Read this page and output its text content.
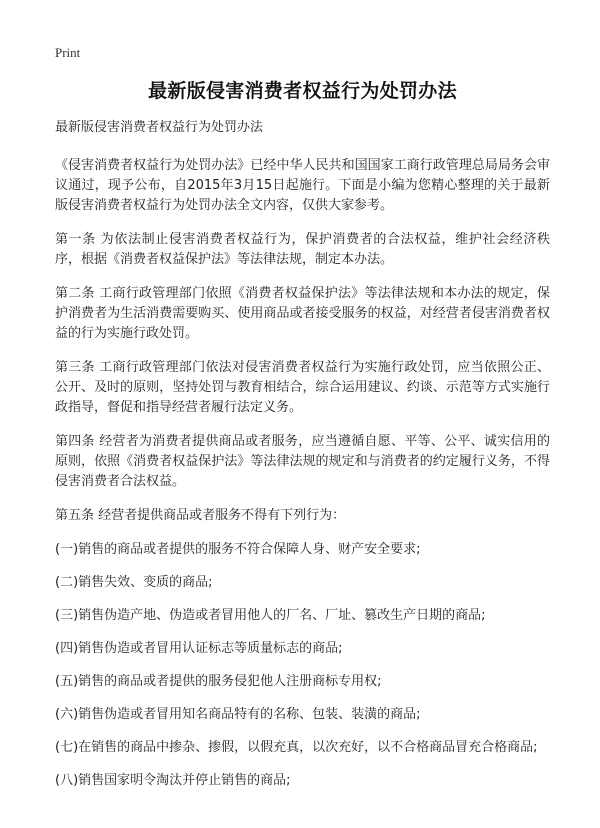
Print
最新版侵害消费者权益行为处罚办法

最新版侵害消费者权益行为处罚办法

《侵害消费者权益行为处罚办法》已经中华人民共和国国家工商行政管理总局局务会审议通过，现予公布，自2015年3月15日起施行。下面是小编为您精心整理的关于最新版侵害消费者权益行为处罚办法全文内容，仅供大家参考。

第一条 为依法制止侵害消费者权益行为，保护消费者的合法权益，维护社会经济秩序，根据《消费者权益保护法》等法律法规，制定本办法。

第二条 工商行政管理部门依照《消费者权益保护法》等法律法规和本办法的规定，保护消费者为生活消费需要购买、使用商品或者接受服务的权益，对经营者侵害消费者权益的行为实施行政处罚。

第三条 工商行政管理部门依法对侵害消费者权益行为实施行政处罚，应当依照公正、公开、及时的原则，坚持处罚与教育相结合，综合运用建议、约谈、示范等方式实施行政指导，督促和指导经营者履行法定义务。

第四条 经营者为消费者提供商品或者服务，应当遵循自愿、平等、公平、诚实信用的原则，依照《消费者权益保护法》等法律法规的规定和与消费者的约定履行义务，不得侵害消费者合法权益。

第五条 经营者提供商品或者服务不得有下列行为：

(一)销售的商品或者提供的服务不符合保障人身、财产安全要求;

(二)销售失效、变质的商品;

(三)销售伪造产地、伪造或者冒用他人的厂名、厂址、篡改生产日期的商品;

(四)销售伪造或者冒用认证标志等质量标志的商品;

(五)销售的商品或者提供的服务侵犯他人注册商标专用权;

(六)销售伪造或者冒用知名商品特有的名称、包装、装潢的商品;

(七)在销售的商品中掺杂、掺假，以假充真，以次充好，以不合格商品冒充合格商品;

(八)销售国家明令淘汰并停止销售的商品;
